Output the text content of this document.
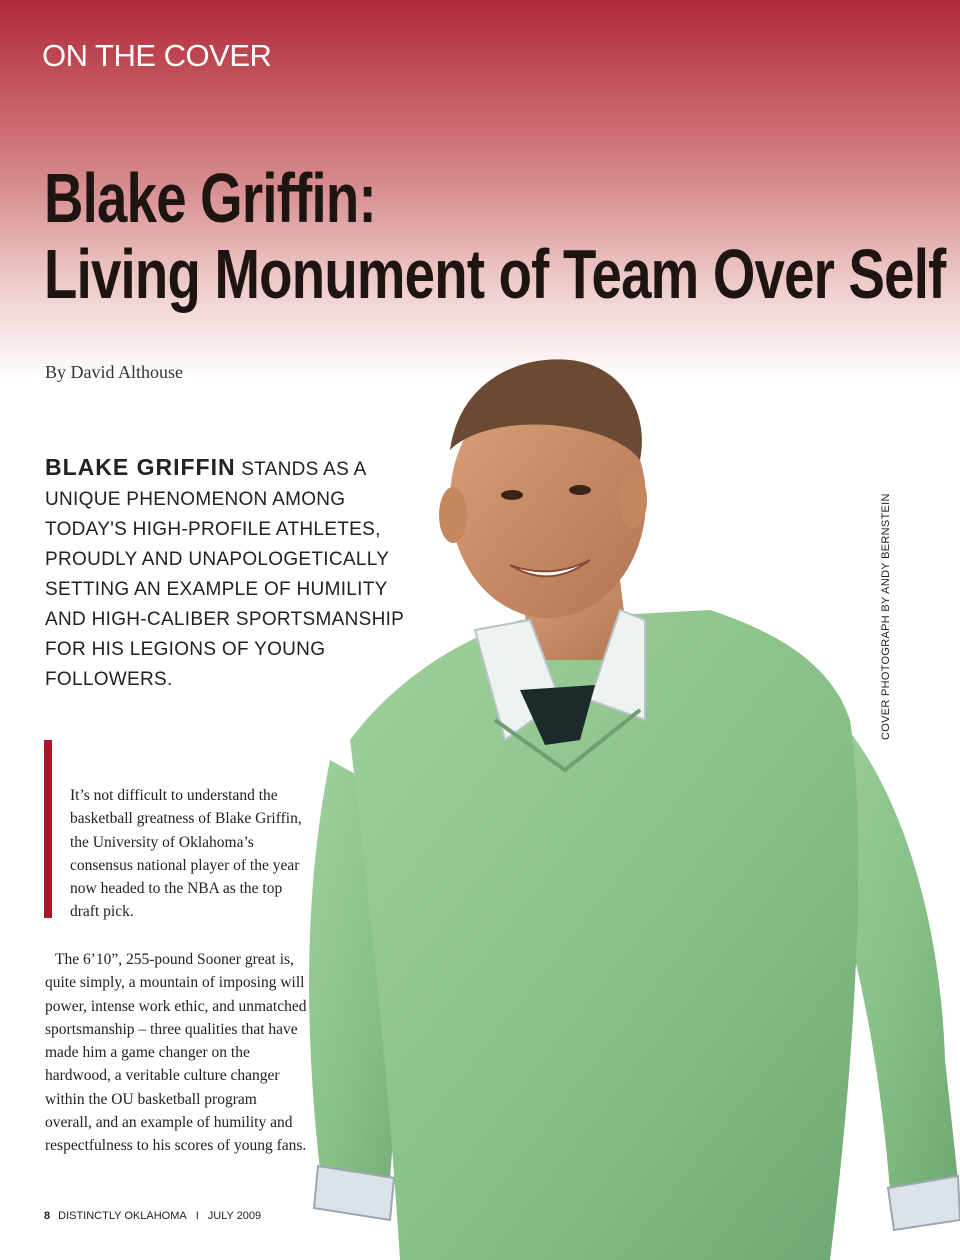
ON THE COVER
Blake Griffin:
Living Monument of Team Over Self
By David Althouse
BLAKE GRIFFIN STANDS AS A UNIQUE PHENOMENON AMONG TODAY'S HIGH-PROFILE ATHLETES, PROUDLY AND UNAPOLOGETICALLY SETTING AN EXAMPLE OF HUMILITY AND HIGH-CALIBER SPORTSMANSHIP FOR HIS LEGIONS OF YOUNG FOLLOWERS.
It’s not difficult to understand the basketball greatness of Blake Griffin, the University of Oklahoma’s consensus national player of the year now headed to the NBA as the top draft pick.
The 6’10”, 255-pound Sooner great is, quite simply, a mountain of imposing will power, intense work ethic, and unmatched sportsmanship – three qualities that have made him a game changer on the hardwood, a veritable culture changer within the OU basketball program overall, and an example of humility and respectfulness to his scores of young fans.
8 DISTINCTLY OKLAHOMA I JULY 2009
COVER PHOTOGRAPH BY ANDY BERNSTEIN
